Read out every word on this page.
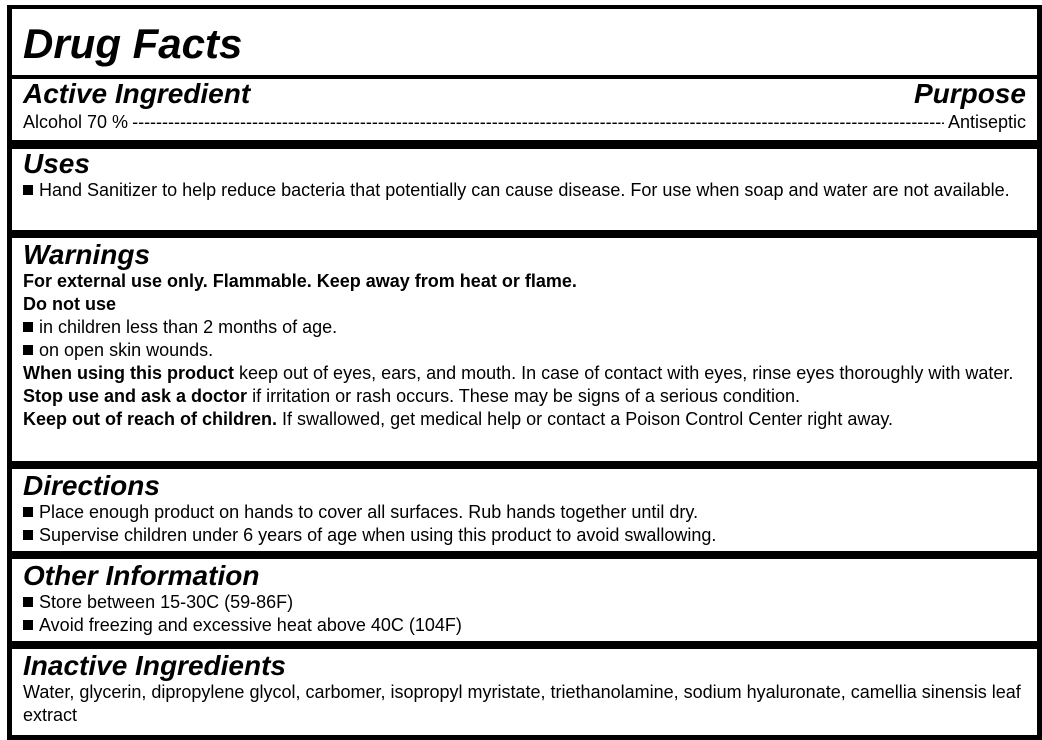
Drug Facts
Active Ingredient	Purpose
Alcohol 70 % -----	Antiseptic
Uses
Hand Sanitizer to help reduce bacteria that potentially can cause disease. For use when soap and water are not available.
Warnings
For external use only. Flammable. Keep away from heat or flame.
Do not use
in children less than 2 months of age.
on open skin wounds.
When using this product keep out of eyes, ears, and mouth. In case of contact with eyes, rinse eyes thoroughly with water.
Stop use and ask a doctor if irritation or rash occurs. These may be signs of a serious condition.
Keep out of reach of children. If swallowed, get medical help or contact a Poison Control Center right away.
Directions
Place enough product on hands to cover all surfaces. Rub hands together until dry.
Supervise children under 6 years of age when using this product to avoid swallowing.
Other Information
Store between 15-30C (59-86F)
Avoid freezing and excessive heat above 40C (104F)
Inactive Ingredients
Water, glycerin, dipropylene glycol, carbomer, isopropyl myristate, triethanolamine, sodium hyaluronate, camellia sinensis leaf extract
